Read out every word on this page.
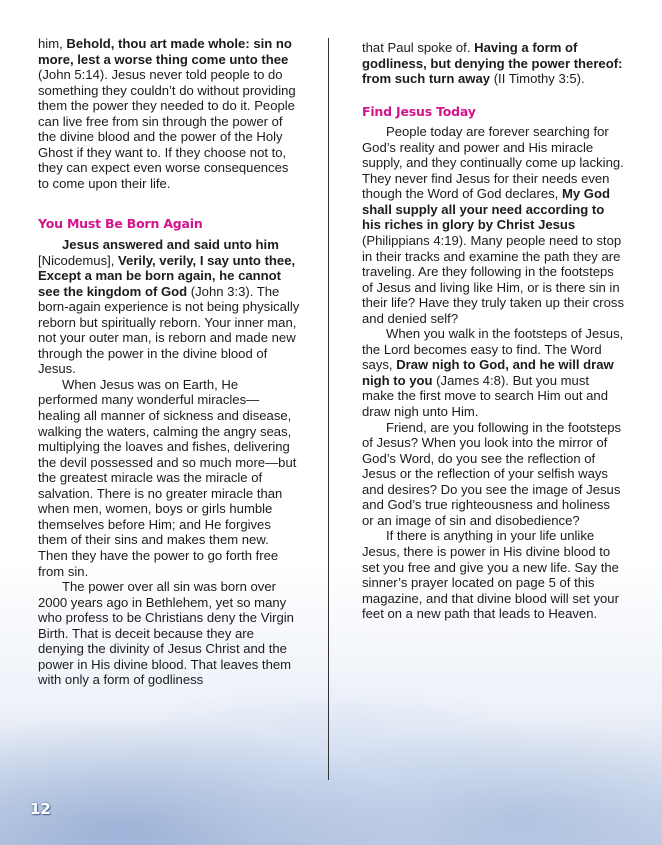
him, Behold, thou art made whole: sin no more, lest a worse thing come unto thee (John 5:14). Jesus never told people to do something they couldn’t do without providing them the power they needed to do it. People can live free from sin through the power of the divine blood and the power of the Holy Ghost if they want to. If they choose not to, they can expect even worse consequences to come upon their life.

You Must Be Born Again

Jesus answered and said unto him [Nicodemus], Verily, verily, I say unto thee, Except a man be born again, he cannot see the kingdom of God (John 3:3). The born-again experience is not being physically reborn but spiritually reborn. Your inner man, not your outer man, is reborn and made new through the power in the divine blood of Jesus.

When Jesus was on Earth, He performed many wonderful miracles—healing all manner of sickness and disease, walking the waters, calming the angry seas, multiplying the loaves and fishes, delivering the devil possessed and so much more—but the greatest miracle was the miracle of salvation. There is no greater miracle than when men, women, boys or girls humble themselves before Him; and He forgives them of their sins and makes them new. Then they have the power to go forth free from sin.

The power over all sin was born over 2000 years ago in Bethlehem, yet so many who profess to be Christians deny the Virgin Birth. That is deceit because they are denying the divinity of Jesus Christ and the power in His divine blood. That leaves them with only a form of godliness

that Paul spoke of. Having a form of godliness, but denying the power thereof: from such turn away (II Timothy 3:5).

Find Jesus Today

People today are forever searching for God’s reality and power and His miracle supply, and they continually come up lacking. They never find Jesus for their needs even though the Word of God declares, My God shall supply all your need according to his riches in glory by Christ Jesus (Philippians 4:19). Many people need to stop in their tracks and examine the path they are traveling. Are they following in the footsteps of Jesus and living like Him, or is there sin in their life? Have they truly taken up their cross and denied self?

When you walk in the footsteps of Jesus, the Lord becomes easy to find. The Word says, Draw nigh to God, and he will draw nigh to you (James 4:8). But you must make the first move to search Him out and draw nigh unto Him.

Friend, are you following in the footsteps of Jesus? When you look into the mirror of God’s Word, do you see the reflection of Jesus or the reflection of your selfish ways and desires? Do you see the image of Jesus and God’s true righteousness and holiness or an image of sin and disobedience?

If there is anything in your life unlike Jesus, there is power in His divine blood to set you free and give you a new life. Say the sinner’s prayer located on page 5 of this magazine, and that divine blood will set your feet on a new path that leads to Heaven.

12
